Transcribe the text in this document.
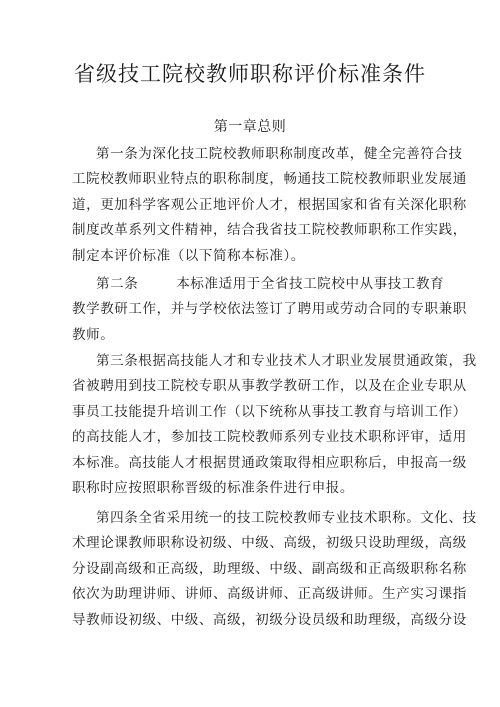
省级技工院校教师职称评价标准条件
第一章总则
第一条为深化技工院校教师职称制度改革，健全完善符合技
工院校教师职业特点的职称制度，畅通技工院校教师职业发展通
道，更加科学客观公正地评价人才，根据国家和省有关深化职称
制度改革系列文件精神，结合我省技工院校教师职称工作实践，
制定本评价标准（以下简称本标准）。
第二条	本标准适用于全省技工院校中从事技工教育
教学教研工作，并与学校依法签订了聘用或劳动合同的专职兼职
教师。
第三条根据高技能人才和专业技术人才职业发展贯通政策，我
省被聘用到技工院校专职从事教学教研工作，以及在企业专职从
事员工技能提升培训工作（以下统称从事技工教育与培训工作）
的高技能人才，参加技工院校教师系列专业技术职称评审，适用
本标准。高技能人才根据贯通政策取得相应职称后，申报高一级
职称时应按照职称晋级的标准条件进行申报。
第四条全省采用统一的技工院校教师专业技术职称。文化、技
术理论课教师职称设初级、中级、高级，初级只设助理级，高级
分设副高级和正高级，助理级、中级、副高级和正高级职称名称
依次为助理讲师、讲师、高级讲师、正高级讲师。生产实习课指
导教师设初级、中级、高级，初级分设员级和助理级，高级分设
